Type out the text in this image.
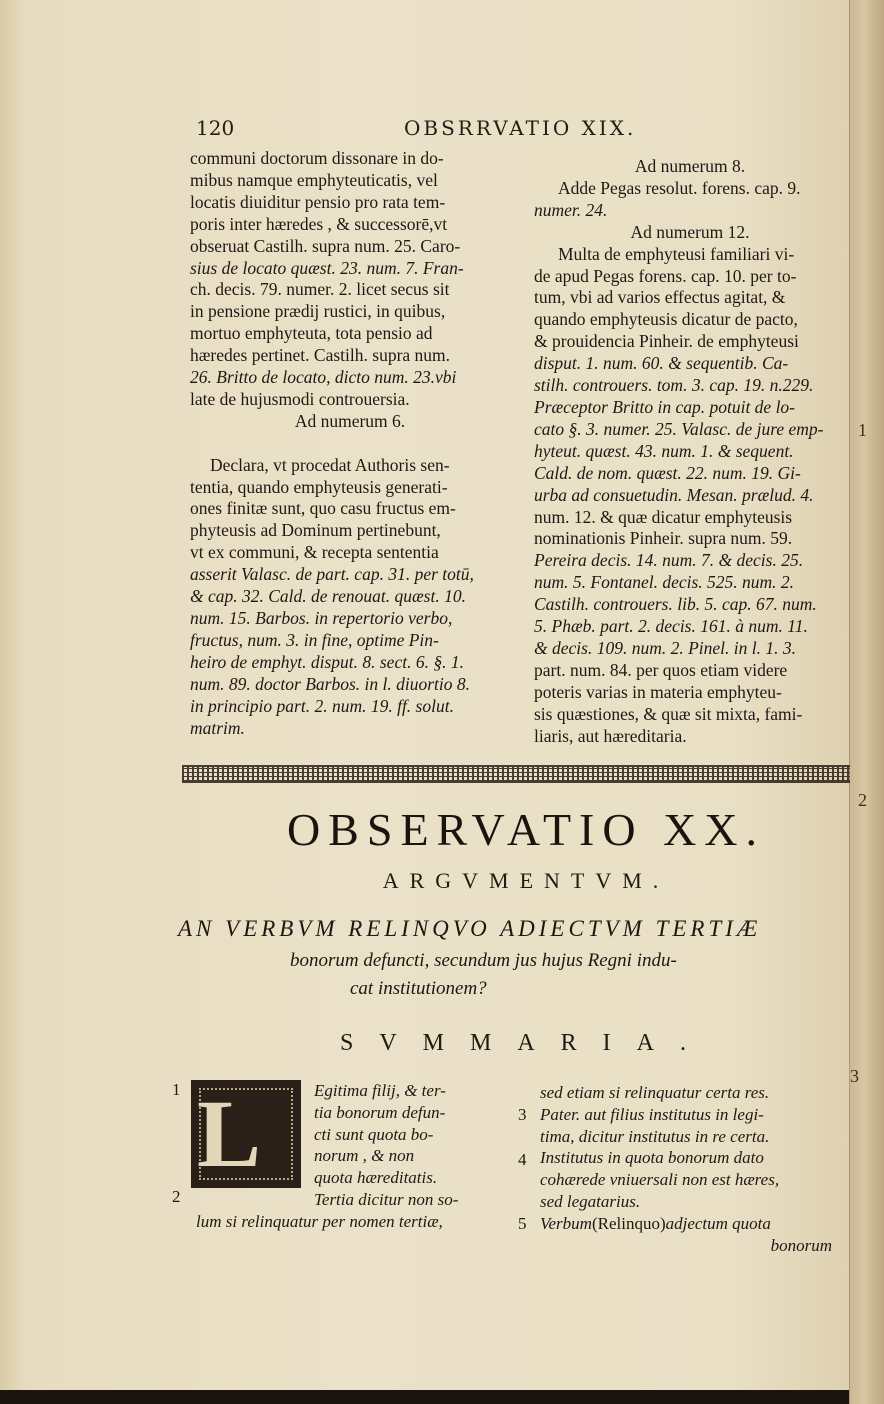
1
2
3
120	OBSRRVATIO XIX.

communi doctorum dissonare in do-

mibus namque emphyteuticatis, vel

locatis diuiditur pensio pro rata tem-

poris inter hæredes , & successorē,vt

obseruat Castilh. supra num. 25. Caro-

sius de locato quæst. 23. num. 7. Fran-

ch. decis. 79. numer. 2. licet secus sit

in pensione prædij rustici, in quibus,

mortuo emphyteuta, tota pensio ad

hæredes pertinet. Castilh. supra num.

26. Britto de locato, dicto num. 23.vbi

late de hujusmodi controuersia.

Ad numerum 6.

Declara, vt procedat Authoris sen-

tentia, quando emphyteusis generati-

ones finitæ sunt, quo casu fructus em-

phyteusis ad Dominum pertinebunt,

vt ex communi, & recepta sententia

asserit Valasc. de part. cap. 31. per totū,

& cap. 32. Cald. de renouat. quæst. 10.

num. 15. Barbos. in repertorio verbo,

fructus, num. 3. in fine, optime Pin-

heiro de emphyt. disput. 8. sect. 6. §. 1.

num. 89. doctor Barbos. in l. diuortio 8.

in principio part. 2. num. 19. ff. solut.

matrim.

Ad numerum 8.

Adde Pegas resolut. forens. cap. 9.

numer. 24.

Ad numerum 12.

Multa de emphyteusi familiari vi-

de apud Pegas forens. cap. 10. per to-

tum, vbi ad varios effectus agitat, &

quando emphyteusis dicatur de pacto,

& prouidencia Pinheir. de emphyteusi

disput. 1. num. 60. & sequentib. Ca-

stilh. controuers. tom. 3. cap. 19. n.229.

Præceptor Britto in cap. potuit de lo-

cato §. 3. numer. 25. Valasc. de jure emp-

hyteut. quæst. 43. num. 1. & sequent.

Cald. de nom. quæst. 22. num. 19. Gi-

urba ad consuetudin. Mesan. prælud. 4.

num. 12. & quæ dicatur emphyteusis

nominationis Pinheir. supra num. 59.

Pereira decis. 14. num. 7. & decis. 25.

num. 5. Fontanel. decis. 525. num. 2.

Castilh. controuers. lib. 5. cap. 67. num.

5. Phæb. part. 2. decis. 161. à num. 11.

& decis. 109. num. 2. Pinel. in l. 1. 3.

part. num. 84. per quos etiam videre

poteris varias in materia emphyteu-

sis quæstiones, & quæ sit mixta, fami-

liaris, aut hæreditaria.

OBSERVATIO XX.
ARGVMENTVM.
AN VERBVM RELINQVO ADIECTVM TERTIÆ
bonorum defuncti, secundum jus hujus Regni indu-
cat institutionem?
SVMMARIA.
L
1
2
3
4
5

Egitima filij, & ter-

tia bonorum defun-

cti sunt quota bo-

norum , & non

quota hæreditatis.

Tertia dicitur non so-

lum si relinquatur per nomen tertiæ,

sed etiam si relinquatur certa res.

Pater. aut filius institutus in legi-

tima, dicitur institutus in re certa.

Institutus in quota bonorum dato

cohærede vniuersali non est hæres,

sed legatarius.

Verbum(Relinquo)adjectum quota

bonorum
